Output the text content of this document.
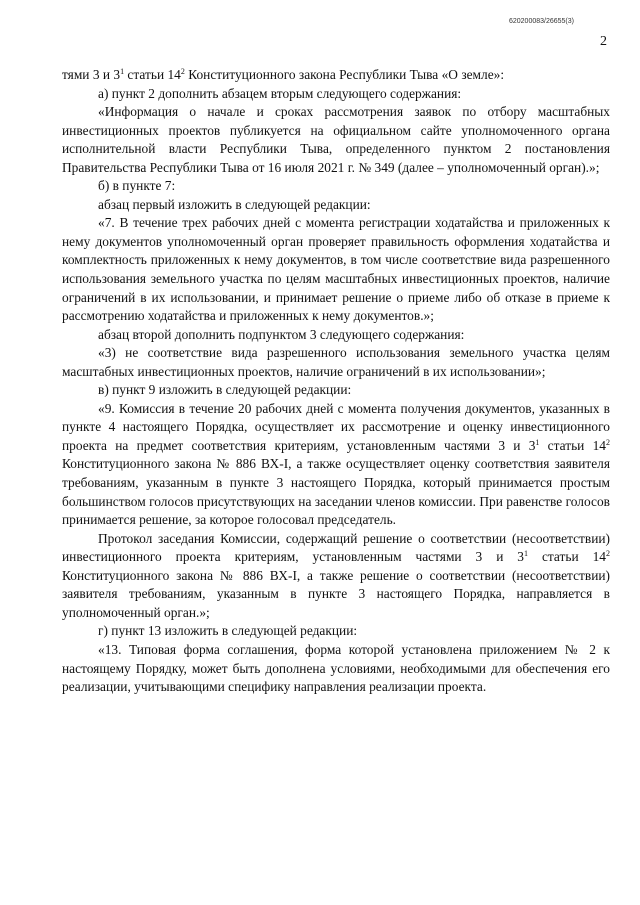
620200083/26655(3)
2

тями 3 и $3^1$ статьи $14^2$ Конституционного закона Республики Тыва «О земле»:

а) пункт 2 дополнить абзацем вторым следующего содержания:

«Информация о начале и сроках рассмотрения заявок по отбору масштабных инвестиционных проектов публикуется на официальном сайте уполномоченного органа исполнительной власти Республики Тыва, определенного пунктом 2 постановления Правительства Республики Тыва от 16 июля 2021 г. № 349 (далее – уполномоченный орган).»;

б) в пункте 7:

абзац первый изложить в следующей редакции:

«7. В течение трех рабочих дней с момента регистрации ходатайства и приложенных к нему документов уполномоченный орган проверяет правильность оформления ходатайства и комплектность приложенных к нему документов, в том числе соответствие вида разрешенного использования земельного участка по целям масштабных инвестиционных проектов, наличие ограничений в их использовании, и принимает решение о приеме либо об отказе в приеме к рассмотрению ходатайства и приложенных к нему документов.»;

абзац второй дополнить подпунктом 3 следующего содержания:

«3) не соответствие вида разрешенного использования земельного участка целям масштабных инвестиционных проектов, наличие ограничений в их использовании»;

в) пункт 9 изложить в следующей редакции:

«9. Комиссия в течение 20 рабочих дней с момента получения документов, указанных в пункте 4 настоящего Порядка, осуществляет их рассмотрение и оценку инвестиционного проекта на предмет соответствия критериям, установленным частями 3 и $3^1$ статьи $14^2$ Конституционного закона № 886 ВХ-I, а также осуществляет оценку соответствия заявителя требованиям, указанным в пункте 3 настоящего Порядка, который принимается простым большинством голосов присутствующих на заседании членов комиссии. При равенстве голосов принимается решение, за которое голосовал председатель.

Протокол заседания Комиссии, содержащий решение о соответствии (несоответствии) инвестиционного проекта критериям, установленным частями 3 и $3^1$ статьи $14^2$ Конституционного закона № 886 ВХ-I, а также решение о соответствии (несоответствии) заявителя требованиям, указанным в пункте 3 настоящего Порядка, направляется в уполномоченный орган.»;

г) пункт 13 изложить в следующей редакции:

«13. Типовая форма соглашения, форма которой установлена приложением № 2 к настоящему Порядку, может быть дополнена условиями, необходимыми для обеспечения его реализации, учитывающими специфику направления реализации проекта.
